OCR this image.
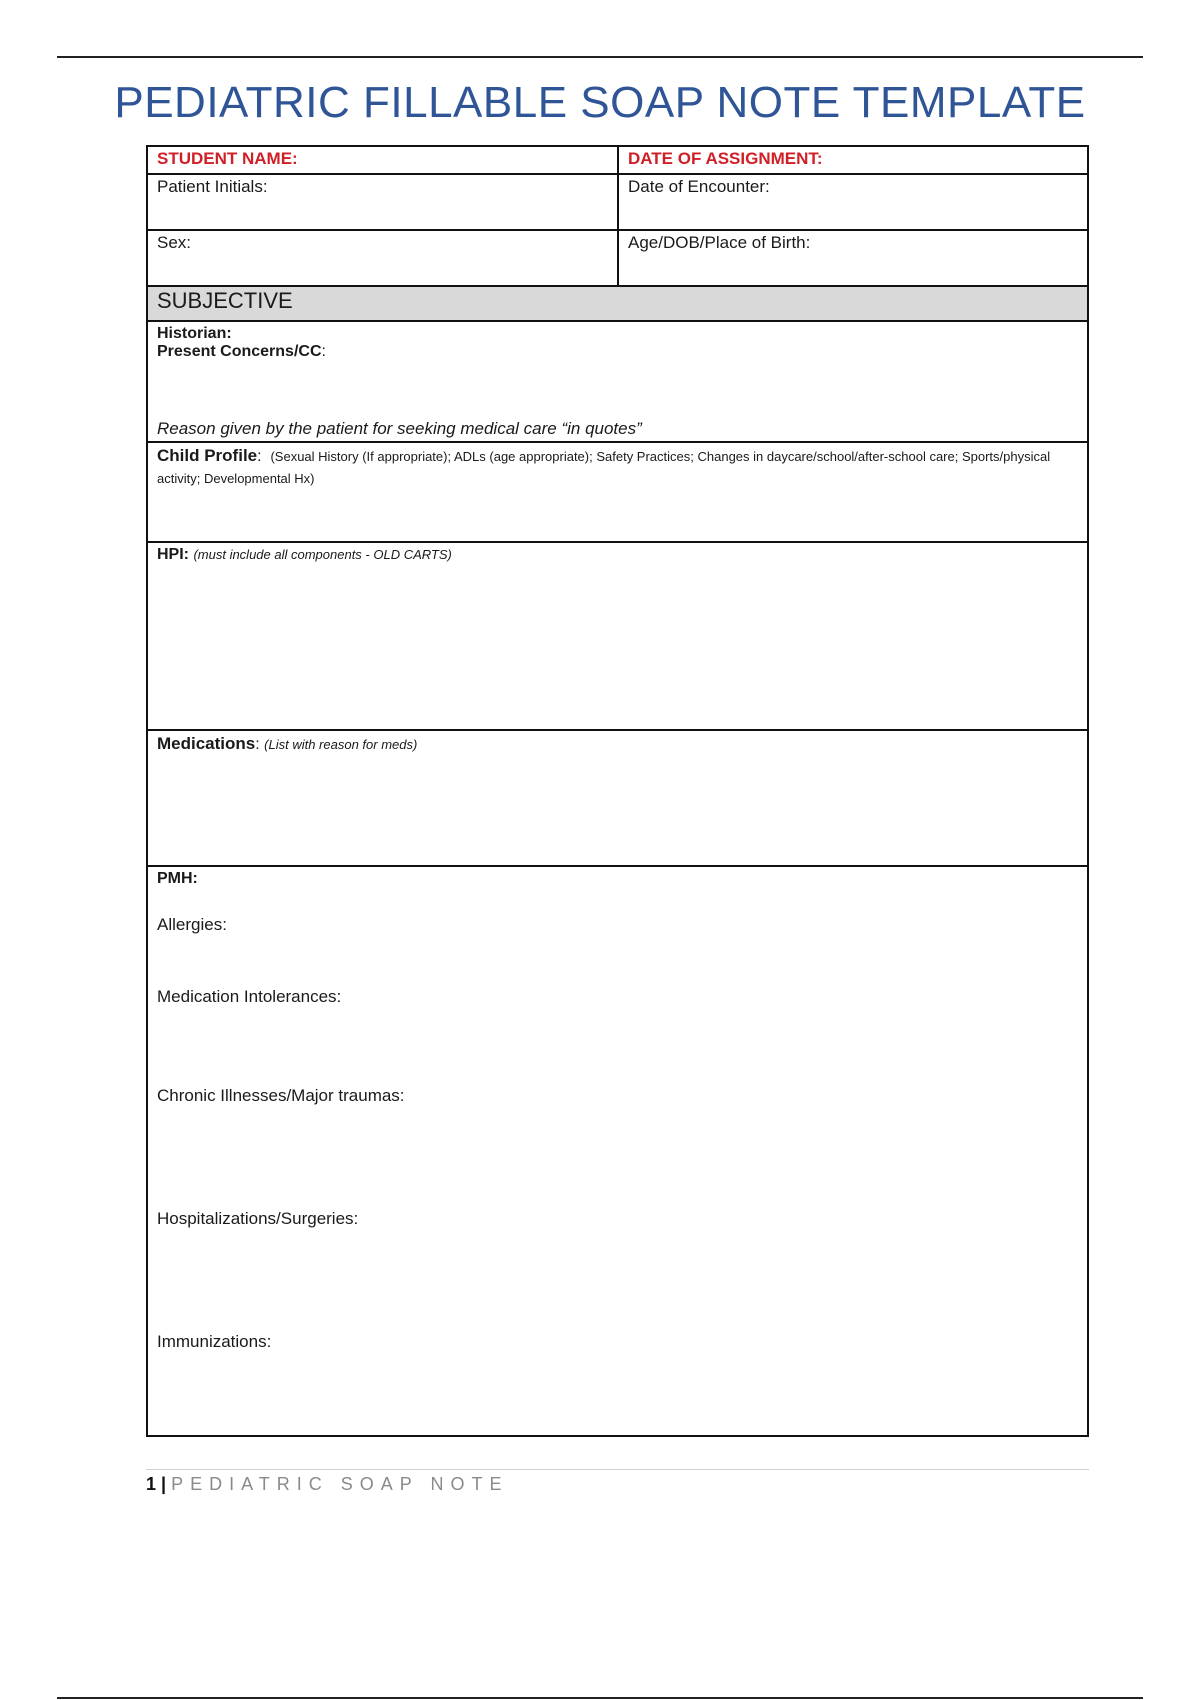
PEDIATRIC FILLABLE SOAP NOTE TEMPLATE
STUDENT NAME:	DATE OF ASSIGNMENT:
Patient Initials:	Date of Encounter:
Sex:	Age/DOB/Place of Birth:
SUBJECTIVE
Historian:
Present Concerns/CC:
Reason given by the patient for seeking medical care “in quotes”
Child Profile: (Sexual History (If appropriate); ADLs (age appropriate); Safety Practices; Changes in daycare/school/after-school care; Sports/physical activity; Developmental Hx)
HPI: (must include all components - OLD CARTS)
Medications: (List with reason for meds)
PMH:
Allergies:
Medication Intolerances:
Chronic Illnesses/Major traumas:
Hospitalizations/Surgeries:
Immunizations:
1 | PEDIATRIC SOAP NOTE
